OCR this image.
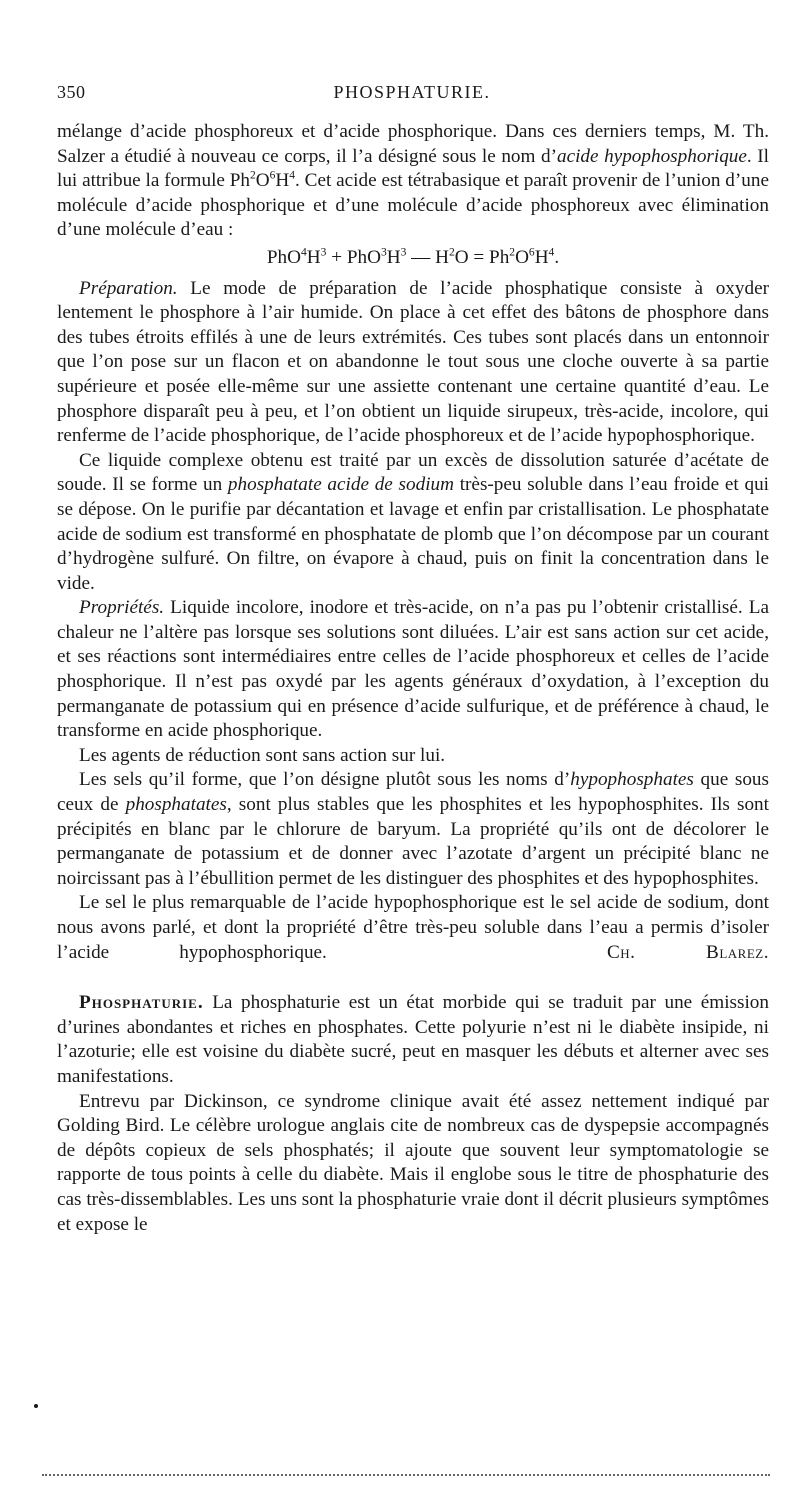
350	PHOSPHATURIE.

mélange d’acide phosphoreux et d’acide phosphorique. Dans ces derniers temps, M. Th. Salzer a étudié à nouveau ce corps, il l’a désigné sous le nom d’acide hypophosphorique. Il lui attribue la formule $Ph^2O^6H^4$. Cet acide est tétrabasique et paraît provenir de l’union d’une molécule d’acide phosphorique et d’une molécule d’acide phosphoreux avec élimination d’une molécule d’eau :

$PhO^4H^3 + PhO^3H^3$ — $H^2O = Ph^2O^6H^4$.

Préparation. Le mode de préparation de l’acide phosphatique consiste à oxyder lentement le phosphore à l’air humide. On place à cet effet des bâtons de phosphore dans des tubes étroits effilés à une de leurs extrémités. Ces tubes sont placés dans un entonnoir que l’on pose sur un flacon et on abandonne le tout sous une cloche ouverte à sa partie supérieure et posée elle-même sur une assiette contenant une certaine quantité d’eau. Le phosphore disparaît peu à peu, et l’on obtient un liquide sirupeux, très-acide, incolore, qui renferme de l’acide phosphorique, de l’acide phosphoreux et de l’acide hypophosphorique.

Ce liquide complexe obtenu est traité par un excès de dissolution saturée d’acétate de soude. Il se forme un phosphatate acide de sodium très-peu soluble dans l’eau froide et qui se dépose. On le purifie par décantation et lavage et enfin par cristallisation. Le phosphatate acide de sodium est transformé en phosphatate de plomb que l’on décompose par un courant d’hydrogène sulfuré. On filtre, on évapore à chaud, puis on finit la concentration dans le vide.

Propriétés. Liquide incolore, inodore et très-acide, on n’a pas pu l’obtenir cristallisé. La chaleur ne l’altère pas lorsque ses solutions sont diluées. L’air est sans action sur cet acide, et ses réactions sont intermédiaires entre celles de l’acide phosphoreux et celles de l’acide phosphorique. Il n’est pas oxydé par les agents généraux d’oxydation, à l’exception du permanganate de potassium qui en présence d’acide sulfurique, et de préférence à chaud, le transforme en acide phosphorique.

Les agents de réduction sont sans action sur lui.

Les sels qu’il forme, que l’on désigne plutôt sous les noms d’hypophosphates que sous ceux de phosphatates, sont plus stables que les phosphites et les hypophosphites. Ils sont précipités en blanc par le chlorure de baryum. La propriété qu’ils ont de décolorer le permanganate de potassium et de donner avec l’azotate d’argent un précipité blanc ne noircissant pas à l’ébullition permet de les distinguer des phosphites et des hypophosphites.

Le sel le plus remarquable de l’acide hypophosphorique est le sel acide de sodium, dont nous avons parlé, et dont la propriété d’être très-peu soluble dans l’eau a permis d’isoler l’acide hypophosphorique.	Ch. Blarez.

Phosphaturie. La phosphaturie est un état morbide qui se traduit par une émission d’urines abondantes et riches en phosphates. Cette polyurie n’est ni le diabète insipide, ni l’azoturie; elle est voisine du diabète sucré, peut en masquer les débuts et alterner avec ses manifestations.

Entrevu par Dickinson, ce syndrome clinique avait été assez nettement indiqué par Golding Bird. Le célèbre urologue anglais cite de nombreux cas de dyspepsie accompagnés de dépôts copieux de sels phosphatés; il ajoute que souvent leur symptomatologie se rapporte de tous points à celle du diabète. Mais il englobe sous le titre de phosphaturie des cas très-dissemblables. Les uns sont la phosphaturie vraie dont il décrit plusieurs symptômes et expose le
